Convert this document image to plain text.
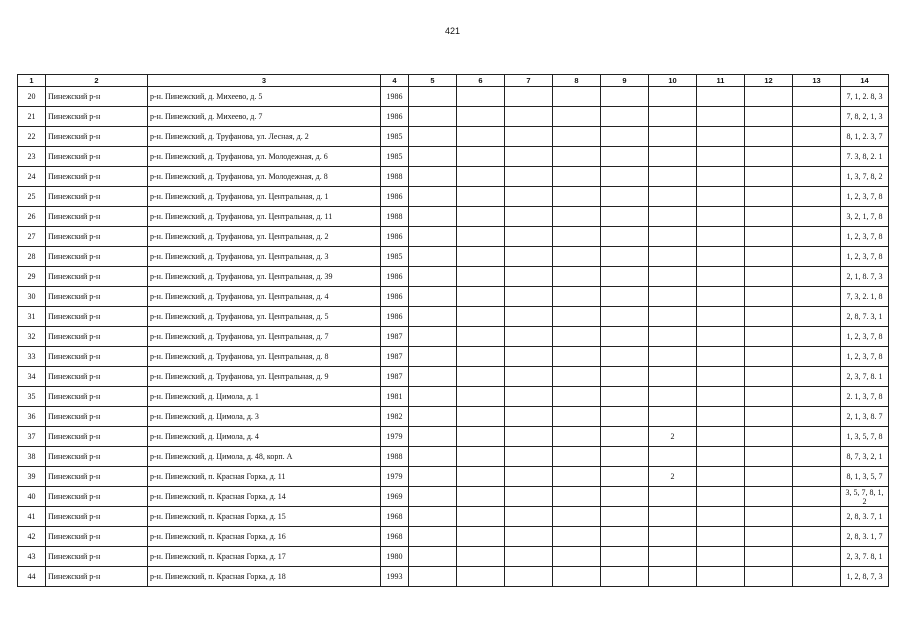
421
1	2	3	4	5	6	7	8	9	10	11	12	13	14
20	Пинежский р-н	р-н. Пинежский, д. Михеево, д. 5	1986										7, 1, 2. 8, 3
21	Пинежский р-н	р-н. Пинежский, д. Михеево, д. 7	1986										7, 8, 2, 1, 3
22	Пинежский р-н	р-н. Пинежский, д. Труфанова, ул. Лесная, д. 2	1985										8, 1, 2. 3, 7
23	Пинежский р-н	р-н. Пинежский, д. Труфанова, ул. Молодежная, д. 6	1985										7. 3, 8, 2. 1
24	Пинежский р-н	р-н. Пинежский, д. Труфанова, ул. Молодежная, д. 8	1988										1, 3, 7, 8, 2
25	Пинежский р-н	р-н. Пинежский, д. Труфанова, ул. Центральная, д. 1	1986										1, 2, 3, 7, 8
26	Пинежский р-н	р-н. Пинежский, д. Труфанова, ул. Центральная, д. 11	1988										3, 2, 1, 7, 8
27	Пинежский р-н	р-н. Пинежский, д. Труфанова, ул. Центральная, д. 2	1986										1, 2, 3, 7, 8
28	Пинежский р-н	р-н. Пинежский, д. Труфанова, ул. Центральная, д. 3	1985										1, 2, 3, 7, 8
29	Пинежский р-н	р-н. Пинежский, д. Труфанова, ул. Центральная, д. 39	1986										2, 1, 8. 7, 3
30	Пинежский р-н	р-н. Пинежский, д. Труфанова, ул. Центральная, д. 4	1986										7, 3, 2. 1, 8
31	Пинежский р-н	р-н. Пинежский, д. Труфанова, ул. Центральная, д. 5	1986										2, 8, 7. 3, 1
32	Пинежский р-н	р-н. Пинежский, д. Труфанова, ул. Центральная, д. 7	1987										1, 2, 3, 7, 8
33	Пинежский р-н	р-н. Пинежский, д. Труфанова, ул. Центральная, д. 8	1987										1, 2, 3, 7, 8
34	Пинежский р-н	р-н. Пинежский, д. Труфанова, ул. Центральная, д. 9	1987										2, 3, 7, 8. 1
35	Пинежский р-н	р-н. Пинежский, д. Цимола, д. 1	1981										2. 1, 3, 7, 8
36	Пинежский р-н	р-н. Пинежский, д. Цимола, д. 3	1982										2, 1, 3, 8. 7
37	Пинежский р-н	р-н. Пинежский, д. Цимола, д. 4	1979						2				1, 3, 5, 7, 8
38	Пинежский р-н	р-н. Пинежский, д. Цимола, д. 48, корп. А	1988										8, 7, 3, 2, 1
39	Пинежский р-н	р-н. Пинежский, п. Красная Горка, д. 11	1979						2				8, 1, 3, 5, 7
40	Пинежский р-н	р-н. Пинежский, п. Красная Горка, д. 14	1969										3, 5, 7, 8, 1, 2
41	Пинежский р-н	р-н. Пинежский, п. Красная Горка, д. 15	1968										2, 8, 3. 7, 1
42	Пинежский р-н	р-н. Пинежский, п. Красная Горка, д. 16	1968										2, 8, 3. 1, 7
43	Пинежский р-н	р-н. Пинежский, п. Красная Горка, д. 17	1980										2, 3, 7. 8, 1
44	Пинежский р-н	р-н. Пинежский, п. Красная Горка, д. 18	1993										1, 2, 8, 7, 3
